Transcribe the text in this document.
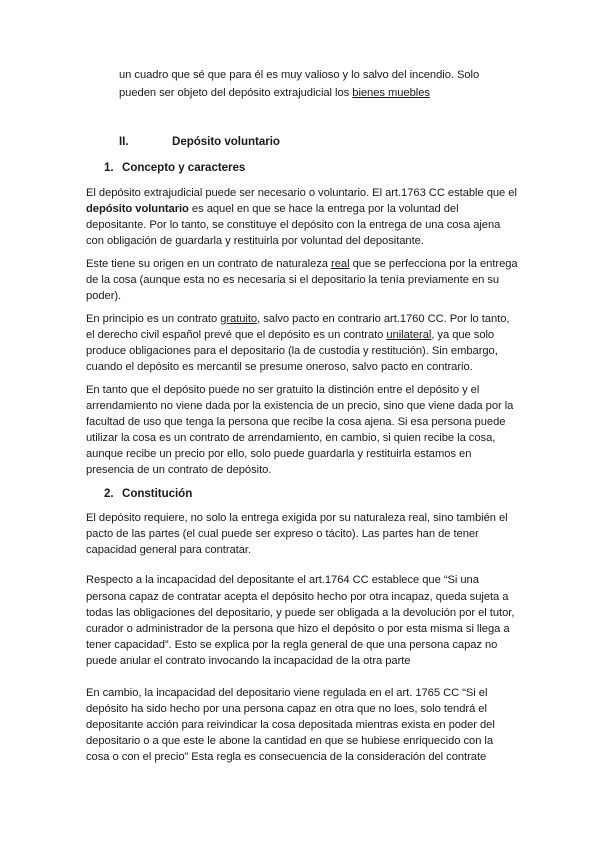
un cuadro que sé que para él es muy valioso y lo salvo del incendio. Solo
pueden ser objeto del depósito extrajudicial los bienes muebles
II.	Depósito voluntario
1. Concepto y caracteres
El depósito extrajudicial puede ser necesario o voluntario. El art.1763 CC estable que el
depósito voluntario es aquel en que se hace la entrega por la voluntad del
depositante. Por lo tanto, se constituye el depósito con la entrega de una cosa ajena
con obligación de guardarla y restituirla por voluntad del depositante.
Este tiene su origen en un contrato de naturaleza real que se perfecciona por la entrega
de la cosa (aunque esta no es necesaria si el depositario la tenía previamente en su
poder).
En principio es un contrato gratuito, salvo pacto en contrario art.1760 CC. Por lo tanto,
el derecho civil español prevé que el depósito es un contrato unilateral, ya que solo
produce obligaciones para el depositario (la de custodia y restitución). Sin embargo,
cuando el depósito es mercantil se presume oneroso, salvo pacto en contrario.
En tanto que el depósito puede no ser gratuito la distinción entre el depósito y el
arrendamiento no viene dada por la existencia de un precio, sino que viene dada por la
facultad de uso que tenga la persona que recibe la cosa ajena. Si esa persona puede
utilizar la cosa es un contrato de arrendamiento, en cambio, si quien recibe la cosa,
aunque recibe un precio por ello, solo puede guardarla y restituirla estamos en
presencia de un contrato de depósito.
2. Constitución
El depósito requiere, no solo la entrega exigida por su naturaleza real, sino también el
pacto de las partes (el cual puede ser expreso o tácito). Las partes han de tener
capacidad general para contratar.
Respecto a la incapacidad del depositante el art.1764 CC establece que “Si una
persona capaz de contratar acepta el depósito hecho por otra incapaz, queda sujeta a
todas las obligaciones del depositario, y puede ser obligada a la devolución por el tutor,
curador o administrador de la persona que hizo el depósito o por esta misma si llega a
tener capacidad”. Esto se explica por la regla general de que una persona capaz no
puede anular el contrato invocando la incapacidad de la otra parte
En cambio, la incapacidad del depositario viene regulada en el art. 1765 CC “Si el
depósito ha sido hecho por una persona capaz en otra que no loes, solo tendrá el
depositante acción para reivindicar la cosa depositada mientras exista en poder del
depositario o a que este le abone la cantidad en que se hubiese enriquecido con la
cosa o con el precio” Esta regla es consecuencia de la consideración del contrate
